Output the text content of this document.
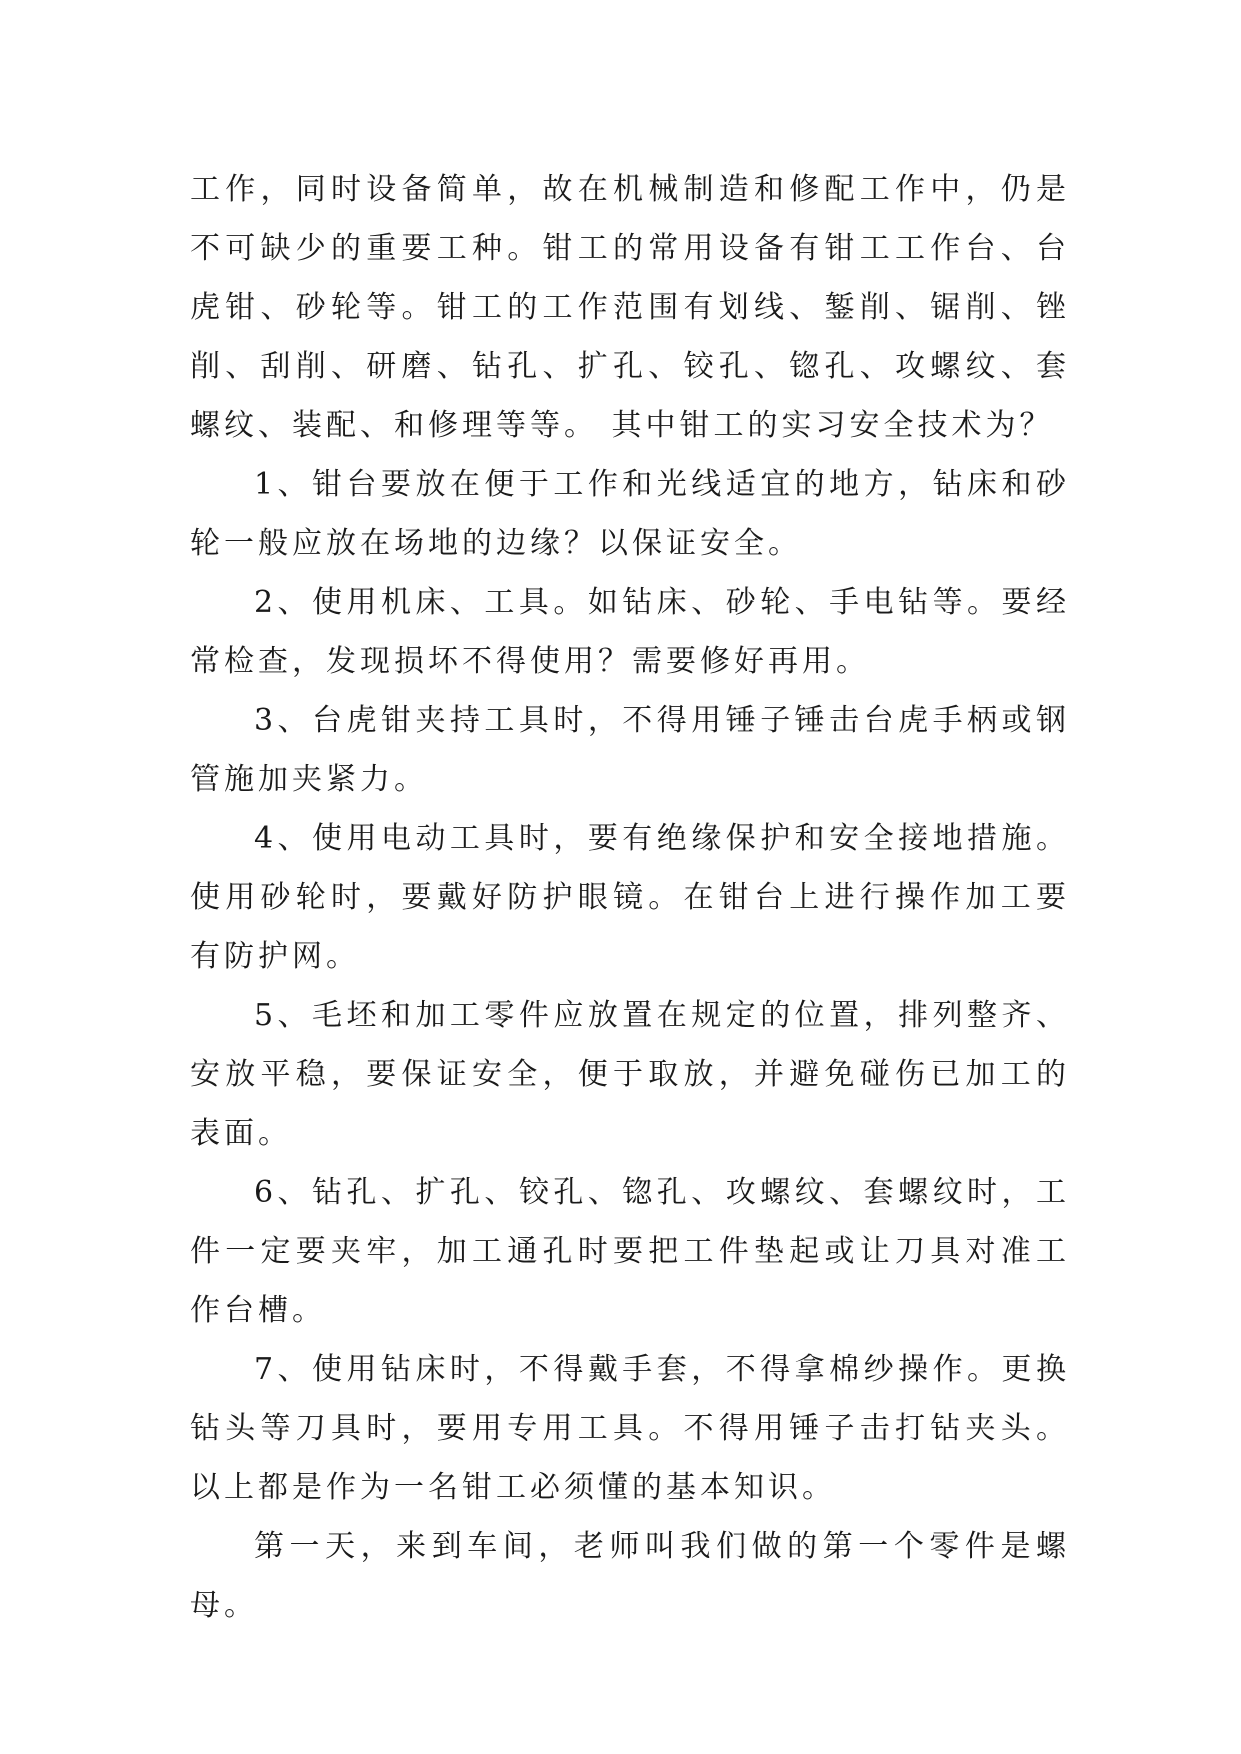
工作，同时设备简单，故在机械制造和修配工作中，仍是不可缺少的重要工种。钳工的常用设备有钳工工作台、台虎钳、砂轮等。钳工的工作范围有划线、錾削、锯削、锉削、刮削、研磨、钻孔、扩孔、铰孔、锪孔、攻螺纹、套螺纹、装配、和修理等等。 其中钳工的实习安全技术为？

1、钳台要放在便于工作和光线适宜的地方，钻床和砂轮一般应放在场地的边缘？以保证安全。

2、使用机床、工具。如钻床、砂轮、手电钻等。要经常检查，发现损坏不得使用？需要修好再用。

3、台虎钳夹持工具时，不得用锤子锤击台虎手柄或钢管施加夹紧力。

4、使用电动工具时，要有绝缘保护和安全接地措施。使用砂轮时，要戴好防护眼镜。在钳台上进行操作加工要有防护网。

5、毛坯和加工零件应放置在规定的位置，排列整齐、安放平稳，要保证安全，便于取放，并避免碰伤已加工的表面。

6、钻孔、扩孔、铰孔、锪孔、攻螺纹、套螺纹时，工件一定要夹牢，加工通孔时要把工件垫起或让刀具对准工作台槽。

7、使用钻床时，不得戴手套，不得拿棉纱操作。更换钻头等刀具时，要用专用工具。不得用锤子击打钻夹头。以上都是作为一名钳工必须懂的基本知识。

第一天，来到车间，老师叫我们做的第一个零件是螺母。
